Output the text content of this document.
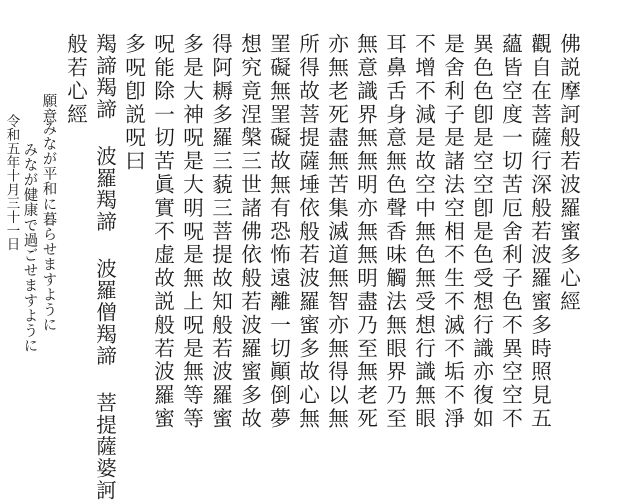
佛説摩訶般若波羅蜜多心經
觀自在菩薩行深般若波羅蜜多時照見五
蘊皆空度一切苦厄舍利子色不異空空不
異色色卽是空空卽是色受想行識亦復如
是舍利子是諸法空相不生不滅不垢不淨
不增不減是故空中無色無受想行識無眼
耳鼻舌身意無色聲香味觸法無眼界乃至
無意識界無無明亦無無明盡乃至無老死
亦無老死盡無苦集滅道無智亦無得以無
所得故菩提薩埵依般若波羅蜜多故心無
罣礙無罣礙故無有恐怖遠離一切顚倒夢
想究竟涅槃三世諸佛依般若波羅蜜多故
得阿耨多羅三藐三菩提故知般若波羅蜜
多是大神呪是大明呪是無上呪是無等等
呪能除一切苦眞實不虚故説般若波羅蜜
多呪卽説呪曰
羯諦羯諦 波羅羯諦 波羅僧羯諦 菩提薩婆訶
般若心經
願意
みなが平和に暮らせますように
みなが健康で過ごせますように
令和五年十月三十一日
